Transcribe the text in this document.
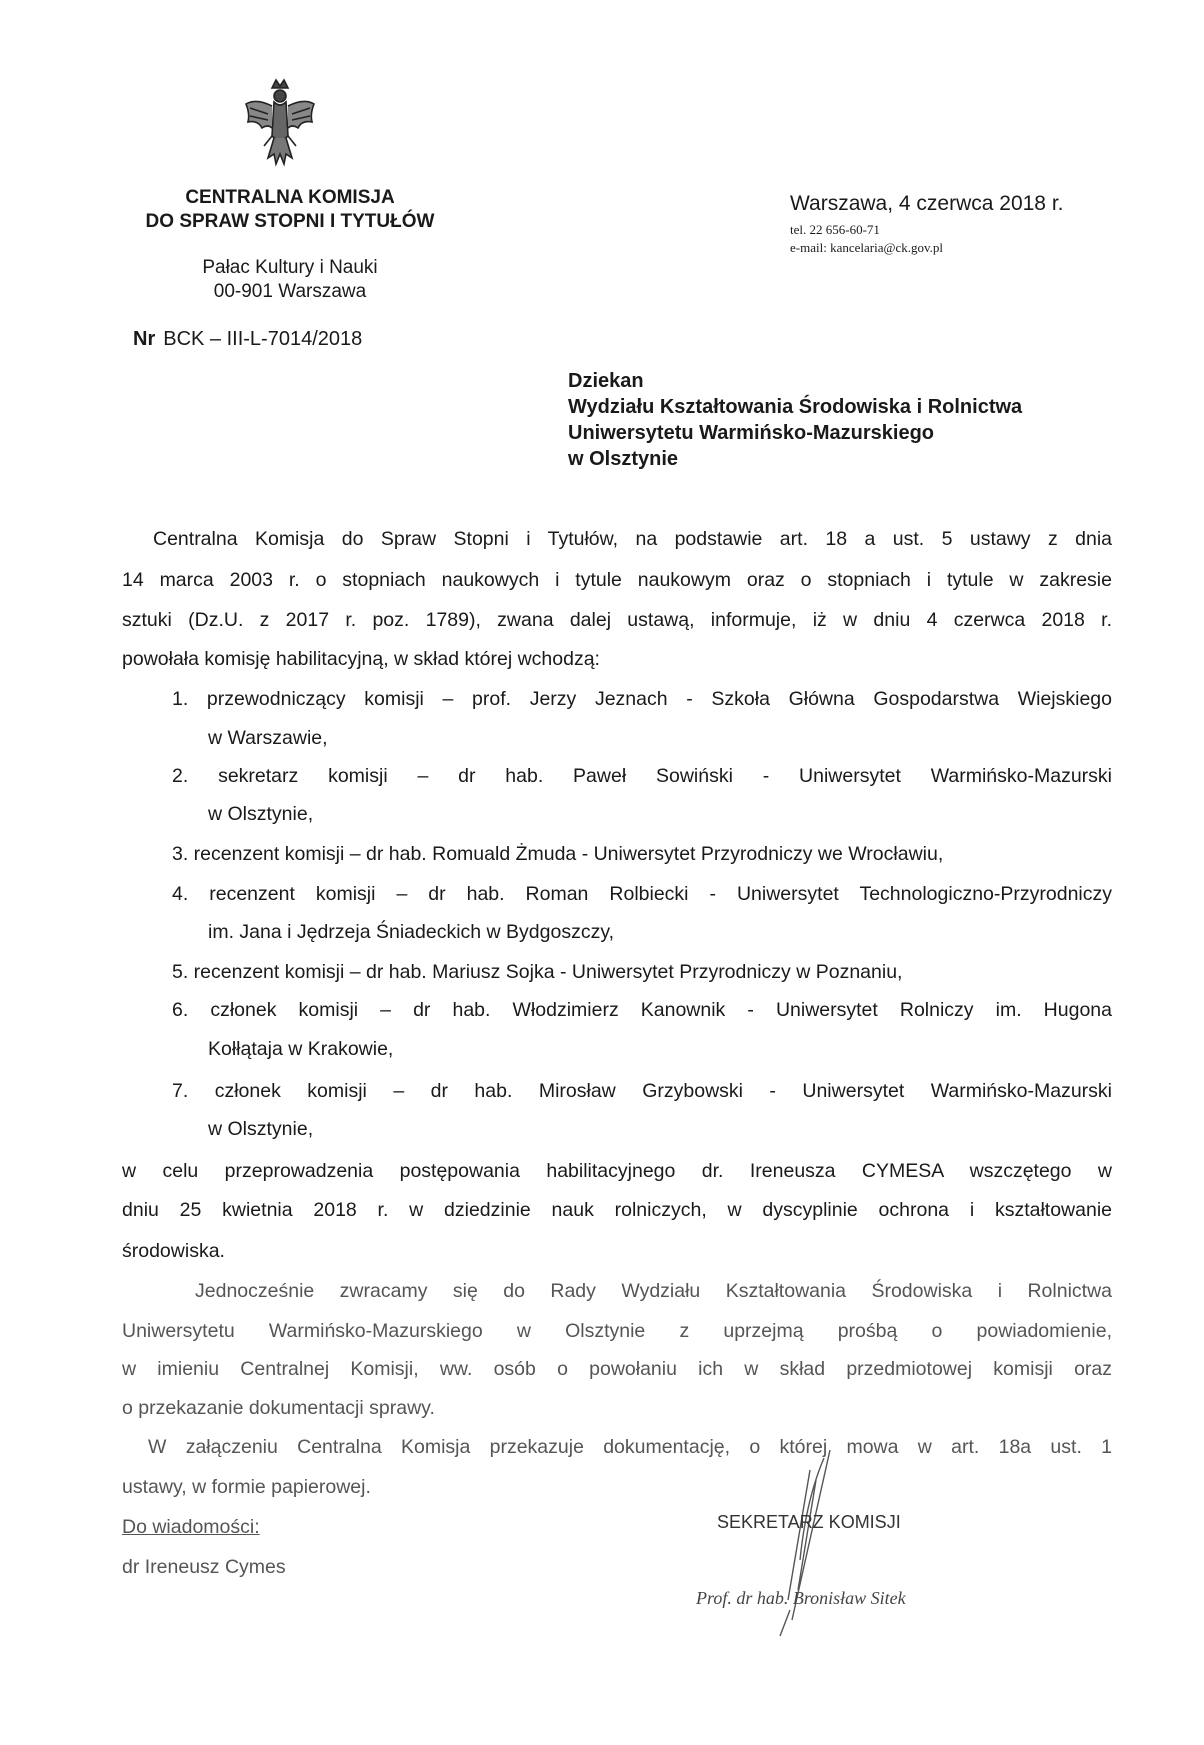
CENTRALNA KOMISJA
DO SPRAW STOPNI I TYTUŁÓW
Pałac Kultury i Nauki
00-901 Warszawa
Warszawa, 4 czerwca 2018 r.
tel. 22 656-60-71
e-mail: kancelaria@ck.gov.pl
Nr BCK – III-L-7014/2018
Dziekan
Wydziału Kształtowania Środowiska i Rolnictwa
Uniwersytetu Warmińsko-Mazurskiego
w Olsztynie
Centralna Komisja do Spraw Stopni i Tytułów, na podstawie art. 18 a ust. 5 ustawy z dnia
14 marca 2003 r. o stopniach naukowych i tytule naukowym oraz o stopniach i tytule w zakresie
sztuki (Dz.U. z 2017 r. poz. 1789), zwana dalej ustawą, informuje, iż w dniu 4 czerwca 2018 r.
powołała komisję habilitacyjną, w skład której wchodzą:
1. przewodniczący komisji – prof. Jerzy Jeznach - Szkoła Główna Gospodarstwa Wiejskiego
w Warszawie,
2. sekretarz komisji – dr hab. Paweł Sowiński - Uniwersytet Warmińsko-Mazurski
w Olsztynie,
3. recenzent komisji – dr hab. Romuald Żmuda - Uniwersytet Przyrodniczy we Wrocławiu,
4. recenzent komisji – dr hab. Roman Rolbiecki - Uniwersytet Technologiczno-Przyrodniczy
im. Jana i Jędrzeja Śniadeckich w Bydgoszczy,
5. recenzent komisji – dr hab. Mariusz Sojka - Uniwersytet Przyrodniczy w Poznaniu,
6. członek komisji – dr hab. Włodzimierz Kanownik - Uniwersytet Rolniczy im. Hugona
Kołłątaja w Krakowie,
7. członek komisji – dr hab. Mirosław Grzybowski - Uniwersytet Warmińsko-Mazurski
w Olsztynie,
w celu przeprowadzenia postępowania habilitacyjnego dr. Ireneusza CYMESA wszczętego w
dniu 25 kwietnia 2018 r. w dziedzinie nauk rolniczych, w dyscyplinie ochrona i kształtowanie
środowiska.
Jednocześnie zwracamy się do Rady Wydziału Kształtowania Środowiska i Rolnictwa
Uniwersytetu Warmińsko-Mazurskiego w Olsztynie z uprzejmą prośbą o powiadomienie,
w imieniu Centralnej Komisji, ww. osób o powołaniu ich w skład przedmiotowej komisji oraz
o przekazanie dokumentacji sprawy.
W załączeniu Centralna Komisja przekazuje dokumentację, o której mowa w art. 18a ust. 1
ustawy, w formie papierowej.
Do wiadomości:
dr Ireneusz Cymes
SEKRETARZ KOMISJI
Prof. dr hab. Bronisław Sitek
